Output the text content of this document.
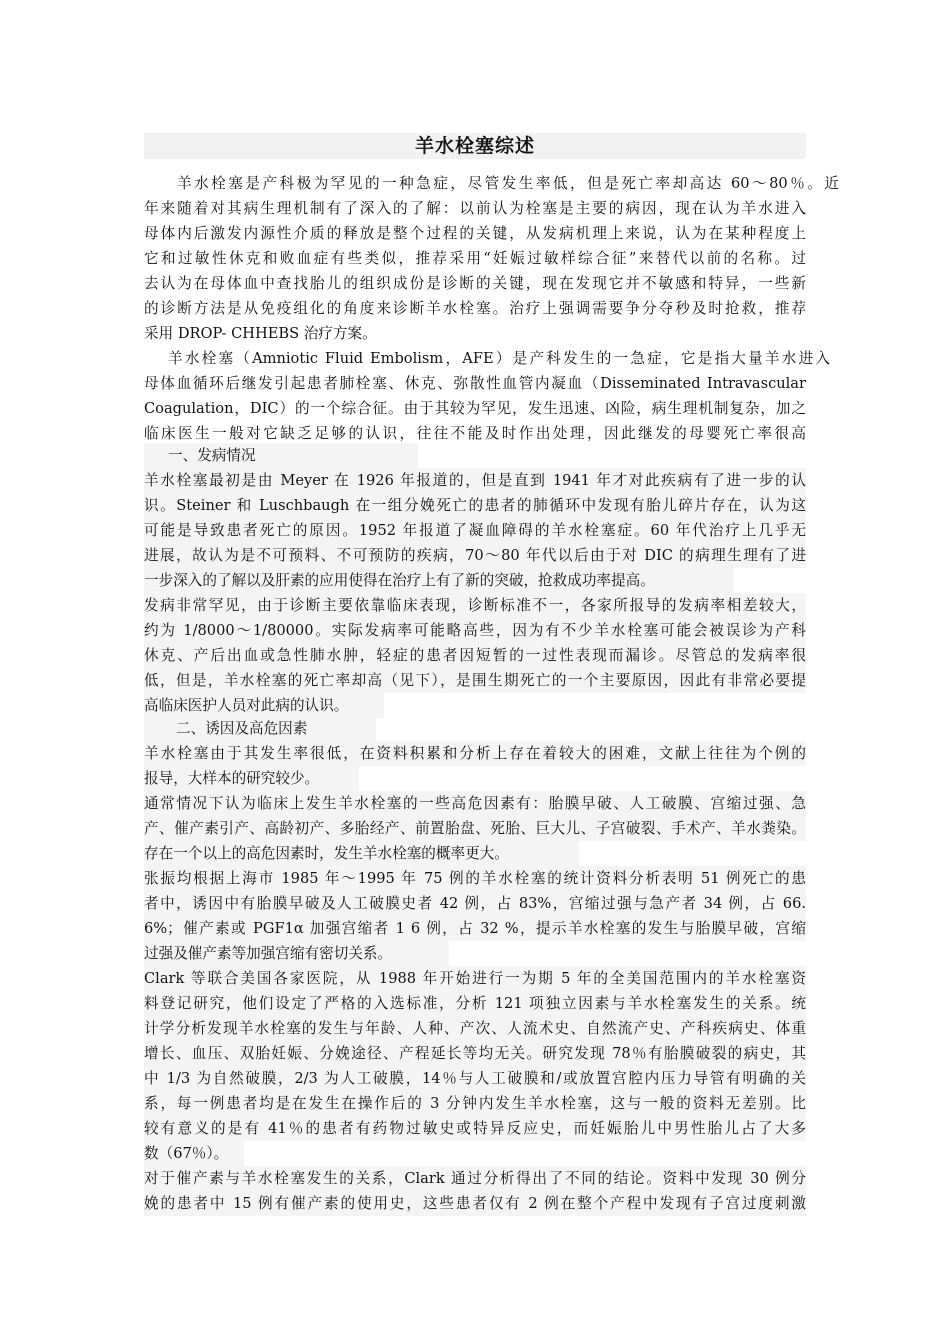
羊水栓塞综述
羊水栓塞是产科极为罕见的一种急症，尽管发生率低，但是死亡率却高达 60～80％。近
年来随着对其病生理机制有了深入的了解：以前认为栓塞是主要的病因，现在认为羊水进入
母体内后激发内源性介质的释放是整个过程的关键，从发病机理上来说，认为在某种程度上
它和过敏性休克和败血症有些类似，推荐采用“妊娠过敏样综合征”来替代以前的名称。过
去认为在母体血中查找胎儿的组织成份是诊断的关键，现在发现它并不敏感和特异，一些新
的诊断方法是从免疫组化的角度来诊断羊水栓塞。治疗上强调需要争分夺秒及时抢救，推荐
采用 DROP- CHHEBS 治疗方案。
羊水栓塞（Amniotic Fluid Embolism，AFE）是产科发生的一急症，它是指大量羊水进入
母体血循环后继发引起患者肺栓塞、休克、弥散性血管内凝血（Disseminated Intravascular
Coagulation，DIC）的一个综合征。由于其较为罕见，发生迅速、凶险，病生理机制复杂，加之
临床医生一般对它缺乏足够的认识，往往不能及时作出处理，因此继发的母婴死亡率很高
一、发病情况
羊水栓塞最初是由 Meyer 在 1926 年报道的，但是直到 1941 年才对此疾病有了进一步的认
识。Steiner 和 Luschbaugh 在一组分娩死亡的患者的肺循环中发现有胎儿碎片存在，认为这
可能是导致患者死亡的原因。1952 年报道了凝血障碍的羊水栓塞症。60 年代治疗上几乎无
进展，故认为是不可预料、不可预防的疾病，70～80 年代以后由于对 DIC 的病理生理有了进
一步深入的了解以及肝素的应用使得在治疗上有了新的突破，抢救成功率提高。
发病非常罕见，由于诊断主要依靠临床表现，诊断标准不一，各家所报导的发病率相差较大，
约为 1/8000～1/80000。实际发病率可能略高些，因为有不少羊水栓塞可能会被误诊为产科
休克、产后出血或急性肺水肿，轻症的患者因短暂的一过性表现而漏诊。尽管总的发病率很
低，但是，羊水栓塞的死亡率却高（见下），是围生期死亡的一个主要原因，因此有非常必要提
高临床医护人员对此病的认识。
二、诱因及高危因素
羊水栓塞由于其发生率很低，在资料积累和分析上存在着较大的困难，文献上往往为个例的
报导，大样本的研究较少。
通常情况下认为临床上发生羊水栓塞的一些高危因素有：胎膜早破、人工破膜、宫缩过强、急
产、催产素引产、高龄初产、多胎经产、前置胎盘、死胎、巨大儿、子宫破裂、手术产、羊水粪染。
存在一个以上的高危因素时，发生羊水栓塞的概率更大。
张振均根据上海市 1985 年～1995 年 75 例的羊水栓塞的统计资料分析表明 51 例死亡的患
者中，诱因中有胎膜早破及人工破膜史者 42 例，占 83%，宫缩过强与急产者 34 例，占 66.
6%；催产素或 PGF1α 加强宫缩者 1 6 例，占 32 %，提示羊水栓塞的发生与胎膜早破，宫缩
过强及催产素等加强宫缩有密切关系。
Clark 等联合美国各家医院，从 1988 年开始进行一为期 5 年的全美国范围内的羊水栓塞资
料登记研究，他们设定了严格的入选标准，分析 121 项独立因素与羊水栓塞发生的关系。统
计学分析发现羊水栓塞的发生与年龄、人种、产次、人流术史、自然流产史、产科疾病史、体重
增长、血压、双胎妊娠、分娩途径、产程延长等均无关。研究发现 78％有胎膜破裂的病史，其
中 1/3 为自然破膜，2/3 为人工破膜，14％与人工破膜和/或放置宫腔内压力导管有明确的关
系，每一例患者均是在发生在操作后的 3 分钟内发生羊水栓塞，这与一般的资料无差别。比
较有意义的是有 41％的患者有药物过敏史或特异反应史，而妊娠胎儿中男性胎儿占了大多
数（67％）。
对于催产素与羊水栓塞发生的关系，Clark 通过分析得出了不同的结论。资料中发现 30 例分
娩的患者中 15 例有催产素的使用史，这些患者仅有 2 例在整个产程中发现有子宫过度刺激
